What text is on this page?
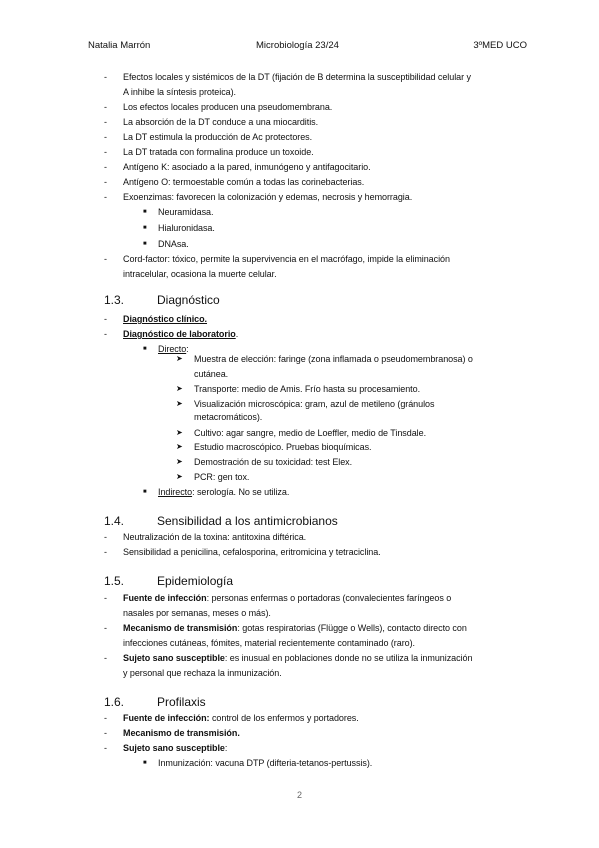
Natalia Marrón	Microbiología 23/24	3ºMED UCO
- Efectos locales y sistémicos de la DT (fijación de B determina la susceptibilidad celular y
A inhibe la síntesis proteica).
- Los efectos locales producen una pseudomembrana.
- La absorción de la DT conduce a una miocarditis.
- La DT estimula la producción de Ac protectores.
- La DT tratada con formalina produce un toxoide.
- Antígeno K: asociado a la pared, inmunógeno y antifagocitario.
- Antígeno O: termoestable común a todas las corinebacterias.
- Exoenzimas: favorecen la colonización y edemas, necrosis y hemorragia.
■ Neuramidasa.
■ Hialuronidasa.
■ DNAsa.
- Cord-factor: tóxico, permite la supervivencia en el macrófago, impide la eliminación
intracelular, ocasiona la muerte celular.
1.3.	Diagnóstico
- Diagnóstico clínico.
- Diagnóstico de laboratorio.
■ Directo:
➤ Muestra de elección: faringe (zona inflamada o pseudomembranosa) o
cutánea.
➤ Transporte: medio de Amis. Frío hasta su procesamiento.
➤ Visualización microscópica: gram, azul de metileno (gránulos
metacromáticos).
➤ Cultivo: agar sangre, medio de Loeffler, medio de Tinsdale.
➤ Estudio macroscópico. Pruebas bioquímicas.
➤ Demostración de su toxicidad: test Elex.
➤ PCR: gen tox.
■ Indirecto: serología. No se utiliza.
1.4.	Sensibilidad a los antimicrobianos
- Neutralización de la toxina: antitoxina diftérica.
- Sensibilidad a penicilina, cefalosporina, eritromicina y tetraciclina.
1.5.	Epidemiología
- Fuente de infección: personas enfermas o portadoras (convalecientes faríngeos o
nasales por semanas, meses o más).
- Mecanismo de transmisión: gotas respiratorias (Flügge o Wells), contacto directo con
infecciones cutáneas, fómites, material recientemente contaminado (raro).
- Sujeto sano susceptible: es inusual en poblaciones donde no se utiliza la inmunización
y personal que rechaza la inmunización.
1.6.	Profilaxis
- Fuente de infección: control de los enfermos y portadores.
- Mecanismo de transmisión.
- Sujeto sano susceptible:
■ Inmunización: vacuna DTP (difteria-tetanos-pertussis).
2
